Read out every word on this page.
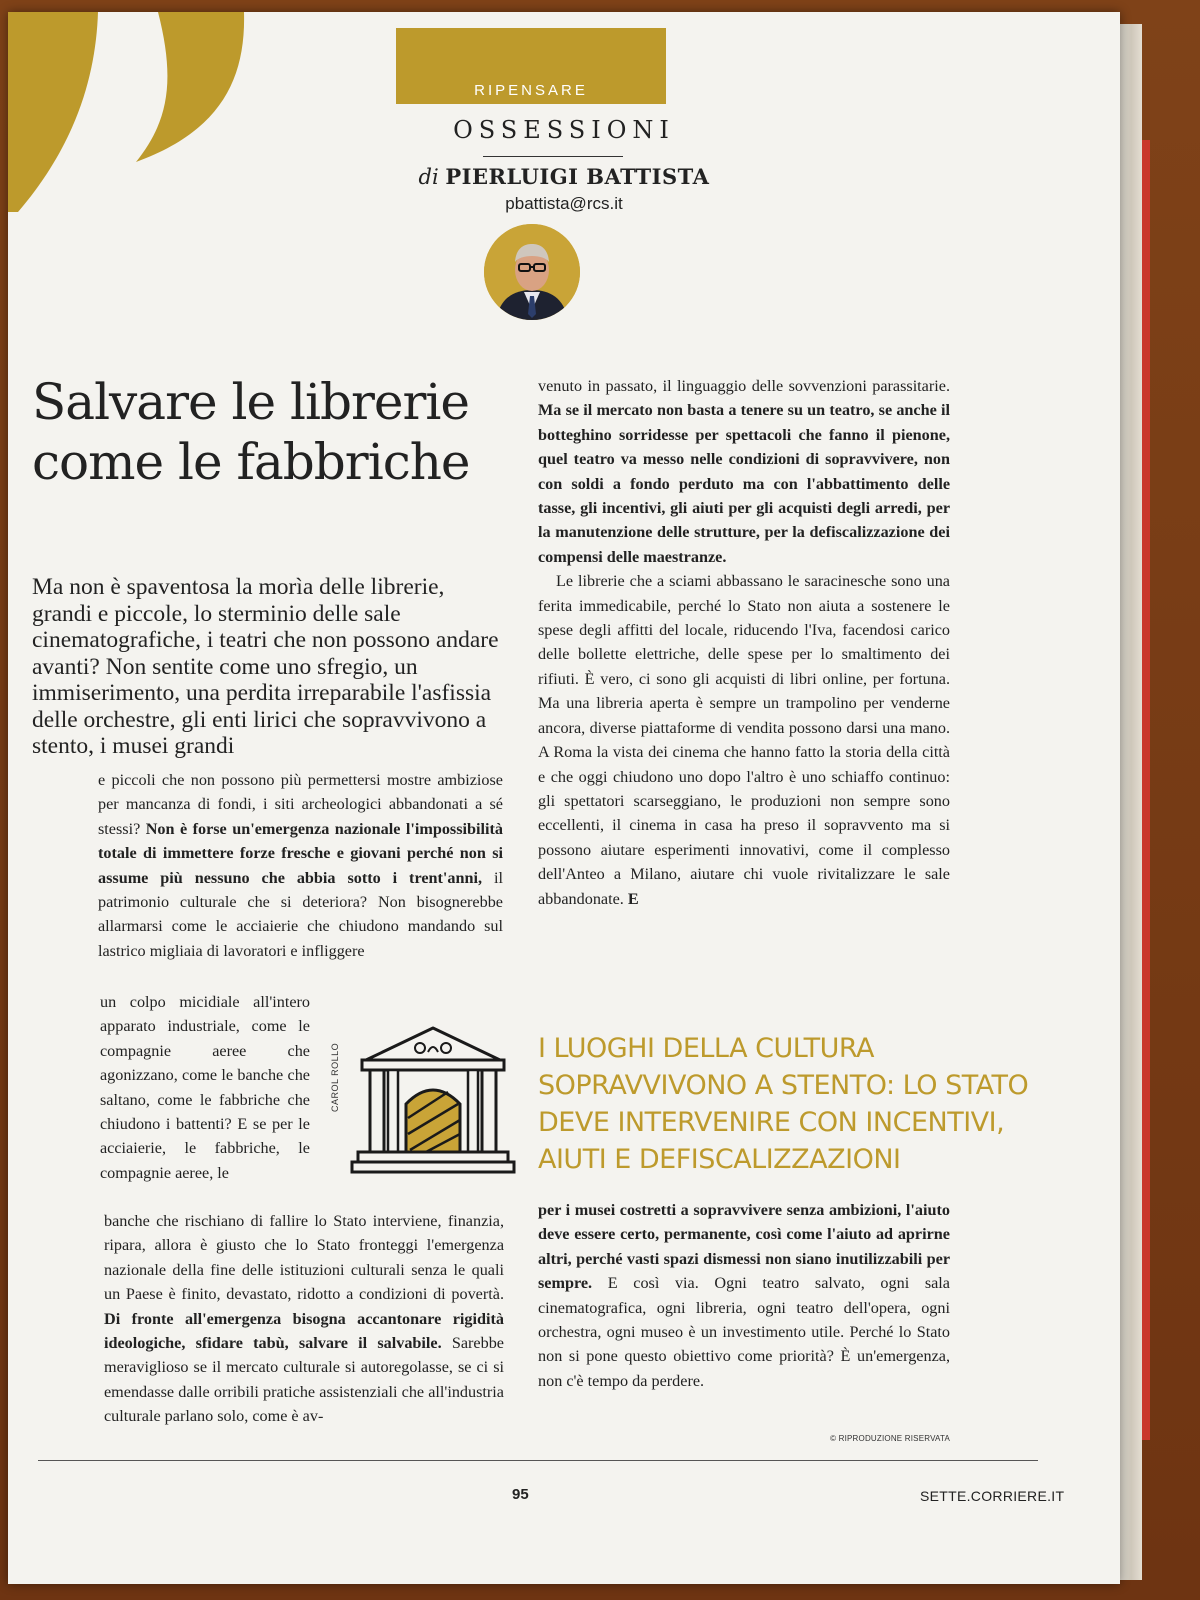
RIPENSARE
OSSESSIONI
di PIERLUIGI BATTISTA
pbattista@rcs.it
Salvare le librerie come le fabbriche

Ma non è spaventosa la morìa delle librerie, grandi e piccole, lo sterminio delle sale cinematografiche, i teatri che non possono andare avanti? Non sentite come uno sfregio, un immiserimento, una perdita irreparabile l'asfissia delle orchestre, gli enti lirici che sopravvivono a stento, i musei grandi

e piccoli che non possono più permettersi mostre ambiziose per mancanza di fondi, i siti archeologici abbandonati a sé stessi? Non è forse un'emergenza nazionale l'impossibilità totale di immettere forze fresche e giovani perché non si assume più nessuno che abbia sotto i trent'anni, il patrimonio culturale che si deteriora? Non bisognerebbe allarmarsi come le acciaierie che chiudono mandando sul lastrico migliaia di lavoratori e infliggere

un colpo micidiale all'intero apparato industriale, come le compagnie aeree che agonizzano, come le banche che saltano, come le fabbriche che chiudono i battenti? E se per le acciaierie, le fabbriche, le compagnie aeree, le

CAROL ROLLO

banche che rischiano di fallire lo Stato interviene, finanzia, ripara, allora è giusto che lo Stato fronteggi l'emergenza nazionale della fine delle istituzioni culturali senza le quali un Paese è finito, devastato, ridotto a condizioni di povertà. Di fronte all'emergenza bisogna accantonare rigidità ideologiche, sfidare tabù, salvare il salvabile. Sarebbe meraviglioso se il mercato culturale si autoregolasse, se ci si emendasse dalle orribili pratiche assistenziali che all'industria culturale parlano solo, come è av-

venuto in passato, il linguaggio delle sovvenzioni parassitarie. Ma se il mercato non basta a tenere su un teatro, se anche il botteghino sorridesse per spettacoli che fanno il pienone, quel teatro va messo nelle condizioni di sopravvivere, non con soldi a fondo perduto ma con l'abbattimento delle tasse, gli incentivi, gli aiuti per gli acquisti degli arredi, per la manutenzione delle strutture, per la defiscalizzazione dei compensi delle maestranze.

Le librerie che a sciami abbassano le saracinesche sono una ferita immedicabile, perché lo Stato non aiuta a sostenere le spese degli affitti del locale, riducendo l'Iva, facendosi carico delle bollette elettriche, delle spese per lo smaltimento dei rifiuti. È vero, ci sono gli acquisti di libri online, per fortuna. Ma una libreria aperta è sempre un trampolino per venderne ancora, diverse piattaforme di vendita possono darsi una mano. A Roma la vista dei cinema che hanno fatto la storia della città e che oggi chiudono uno dopo l'altro è uno schiaffo continuo: gli spettatori scarseggiano, le produzioni non sempre sono eccellenti, il cinema in casa ha preso il sopravvento ma si possono aiutare esperimenti innovativi, come il complesso dell'Anteo a Milano, aiutare chi vuole rivitalizzare le sale abbandonate. E

I LUOGHI DELLA CULTURA SOPRAVVIVONO A STENTO: LO STATO DEVE INTERVENIRE CON INCENTIVI, AIUTI E DEFISCALIZZAZIONI

per i musei costretti a sopravvivere senza ambizioni, l'aiuto deve essere certo, permanente, così come l'aiuto ad aprirne altri, perché vasti spazi dismessi non siano inutilizzabili per sempre. E così via. Ogni teatro salvato, ogni sala cinematografica, ogni libreria, ogni teatro dell'opera, ogni orchestra, ogni museo è un investimento utile. Perché lo Stato non si pone questo obiettivo come priorità? È un'emergenza, non c'è tempo da perdere.

© RIPRODUZIONE RISERVATA
95	SETTE.CORRIERE.IT
